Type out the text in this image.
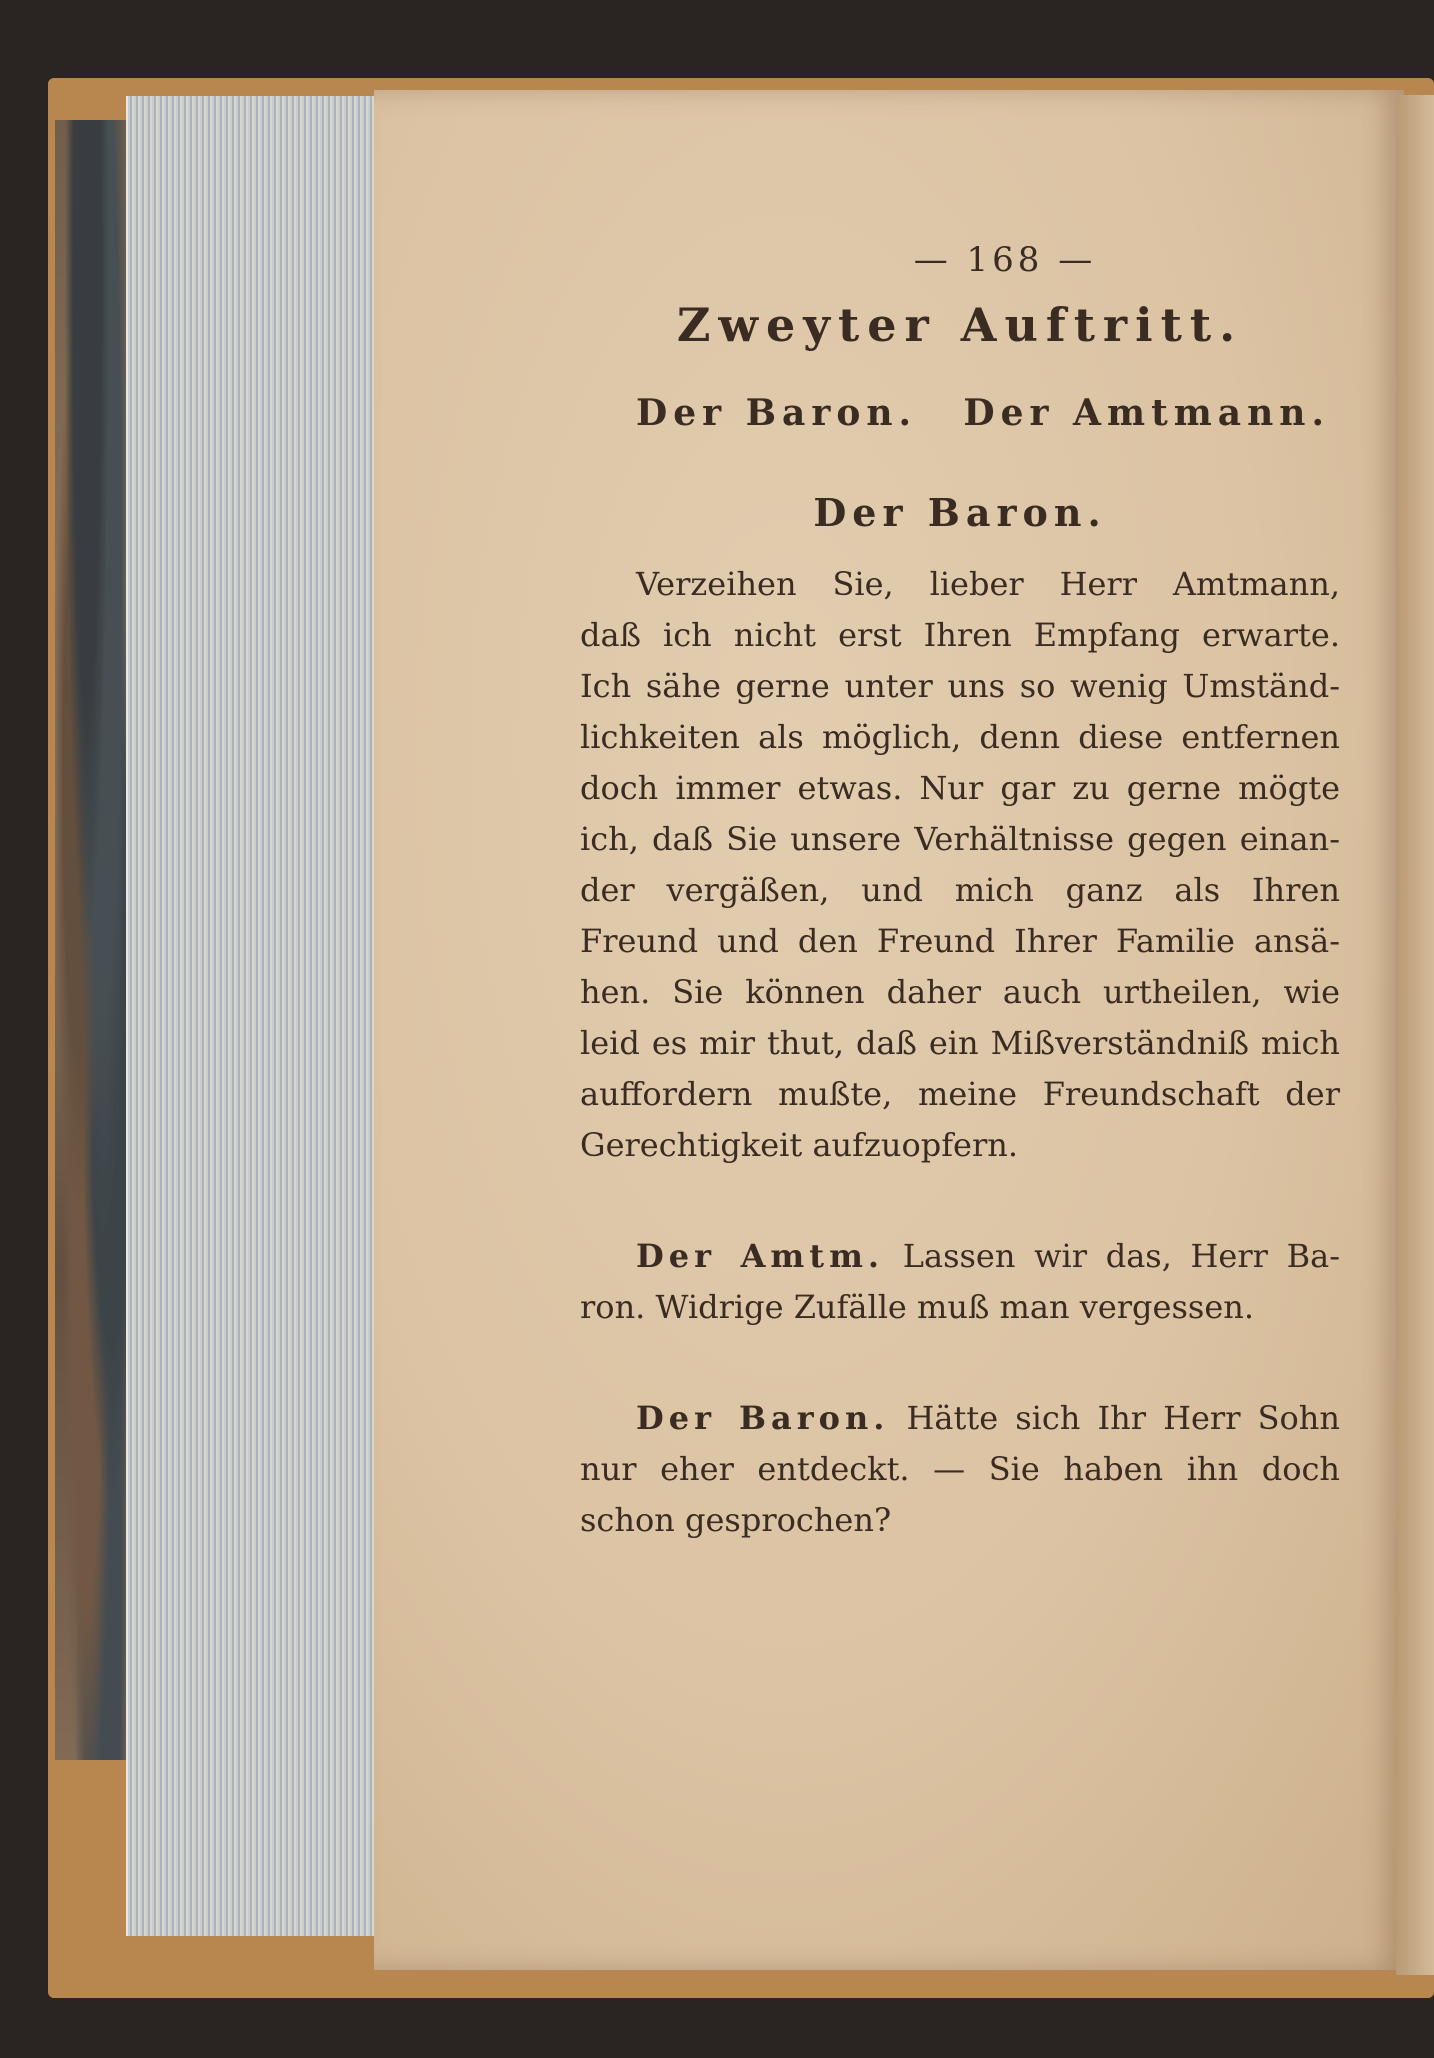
— 168 —
Zweyter Auftritt.
Der Baron. Der Amtmann.
Der Baron.

Verzeihen Sie, lieber Herr Amtmann,

daß ich nicht erst Ihren Empfang erwarte.

Ich sähe gerne unter uns so wenig Umständ-

lichkeiten als möglich, denn diese entfernen

doch immer etwas. Nur gar zu gerne mögte

ich, daß Sie unsere Verhältnisse gegen einan-

der vergäßen, und mich ganz als Ihren

Freund und den Freund Ihrer Familie ansä-

hen. Sie können daher auch urtheilen, wie

leid es mir thut, daß ein Mißverständniß mich

auffordern mußte, meine Freundschaft der

Gerechtigkeit aufzuopfern.

Der Amtm. Lassen wir das, Herr Ba-

ron. Widrige Zufälle muß man vergessen.

Der Baron. Hätte sich Ihr Herr Sohn

nur eher entdeckt. — Sie haben ihn doch

schon gesprochen?
